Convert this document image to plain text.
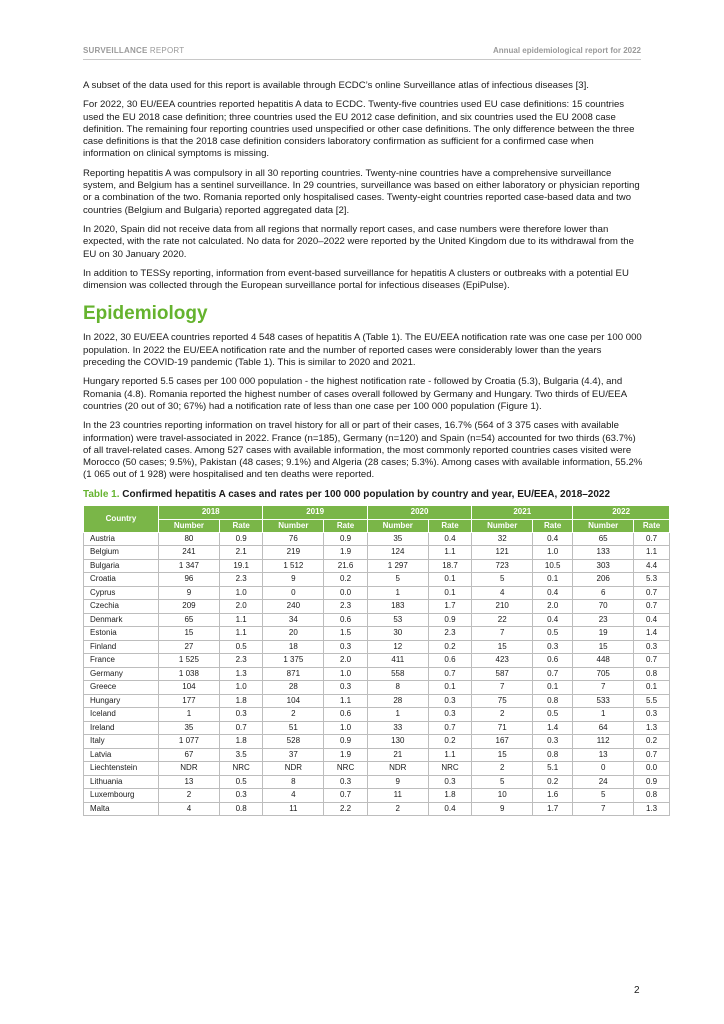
SURVEILLANCE REPORT	Annual epidemiological report for 2022

A subset of the data used for this report is available through ECDC’s online Surveillance atlas of infectious diseases [3].

For 2022, 30 EU/EEA countries reported hepatitis A data to ECDC. Twenty-five countries used EU case definitions: 15 countries used the EU 2018 case definition; three countries used the EU 2012 case definition, and six countries used the EU 2008 case definition. The remaining four reporting countries used unspecified or other case definitions. The only difference between the three case definitions is that the 2018 case definition considers laboratory confirmation as sufficient for a confirmed case when information on clinical symptoms is missing.

Reporting hepatitis A was compulsory in all 30 reporting countries. Twenty-nine countries have a comprehensive surveillance system, and Belgium has a sentinel surveillance. In 29 countries, surveillance was based on either laboratory or physician reporting or a combination of the two. Romania reported only hospitalised cases. Twenty-eight countries reported case-based data and two countries (Belgium and Bulgaria) reported aggregated data [2].

In 2020, Spain did not receive data from all regions that normally report cases, and case numbers were therefore lower than expected, with the rate not calculated. No data for 2020–2022 were reported by the United Kingdom due to its withdrawal from the EU on 30 January 2020.

In addition to TESSy reporting, information from event-based surveillance for hepatitis A clusters or outbreaks with a potential EU dimension was collected through the European surveillance portal for infectious diseases (EpiPulse).

Epidemiology

In 2022, 30 EU/EEA countries reported 4 548 cases of hepatitis A (Table 1). The EU/EEA notification rate was one case per 100 000 population. In 2022 the EU/EEA notification rate and the number of reported cases were considerably lower than the years preceding the COVID-19 pandemic (Table 1). This is similar to 2020 and 2021.

Hungary reported 5.5 cases per 100 000 population - the highest notification rate - followed by Croatia (5.3), Bulgaria (4.4), and Romania (4.8). Romania reported the highest number of cases overall followed by Germany and Hungary. Two thirds of EU/EEA countries (20 out of 30; 67%) had a notification rate of less than one case per 100 000 population (Figure 1).

In the 23 countries reporting information on travel history for all or part of their cases, 16.7% (564 of 3 375 cases with available information) were travel-associated in 2022. France (n=185), Germany (n=120) and Spain (n=54) accounted for two thirds (63.7%) of all travel-related cases. Among 527 cases with available information, the most commonly reported countries cases visited were Morocco (50 cases; 9.5%), Pakistan (48 cases; 9.1%) and Algeria (28 cases; 5.3%). Among cases with available information, 55.2% (1 065 out of 1 928) were hospitalised and ten deaths were reported.

Table 1. Confirmed hepatitis A cases and rates per 100 000 population by country and year, EU/EEA, 2018–2022
Country	2018		2019		2020		2021		2022	
	Number	Rate	Number	Rate	Number	Rate	Number	Rate	Number	Rate
Austria	80	0.9	76	0.9	35	0.4	32	0.4	65	0.7
Belgium	241	2.1	219	1.9	124	1.1	121	1.0	133	1.1
Bulgaria	1 347	19.1	1 512	21.6	1 297	18.7	723	10.5	303	4.4
Croatia	96	2.3	9	0.2	5	0.1	5	0.1	206	5.3
Cyprus	9	1.0	0	0.0	1	0.1	4	0.4	6	0.7
Czechia	209	2.0	240	2.3	183	1.7	210	2.0	70	0.7
Denmark	65	1.1	34	0.6	53	0.9	22	0.4	23	0.4
Estonia	15	1.1	20	1.5	30	2.3	7	0.5	19	1.4
Finland	27	0.5	18	0.3	12	0.2	15	0.3	15	0.3
France	1 525	2.3	1 375	2.0	411	0.6	423	0.6	448	0.7
Germany	1 038	1.3	871	1.0	558	0.7	587	0.7	705	0.8
Greece	104	1.0	28	0.3	8	0.1	7	0.1	7	0.1
Hungary	177	1.8	104	1.1	28	0.3	75	0.8	533	5.5
Iceland	1	0.3	2	0.6	1	0.3	2	0.5	1	0.3
Ireland	35	0.7	51	1.0	33	0.7	71	1.4	64	1.3
Italy	1 077	1.8	528	0.9	130	0.2	167	0.3	112	0.2
Latvia	67	3.5	37	1.9	21	1.1	15	0.8	13	0.7
Liechtenstein	NDR	NRC	NDR	NRC	NDR	NRC	2	5.1	0	0.0
Lithuania	13	0.5	8	0.3	9	0.3	5	0.2	24	0.9
Luxembourg	2	0.3	4	0.7	11	1.8	10	1.6	5	0.8
Malta	4	0.8	11	2.2	2	0.4	9	1.7	7	1.3
2
